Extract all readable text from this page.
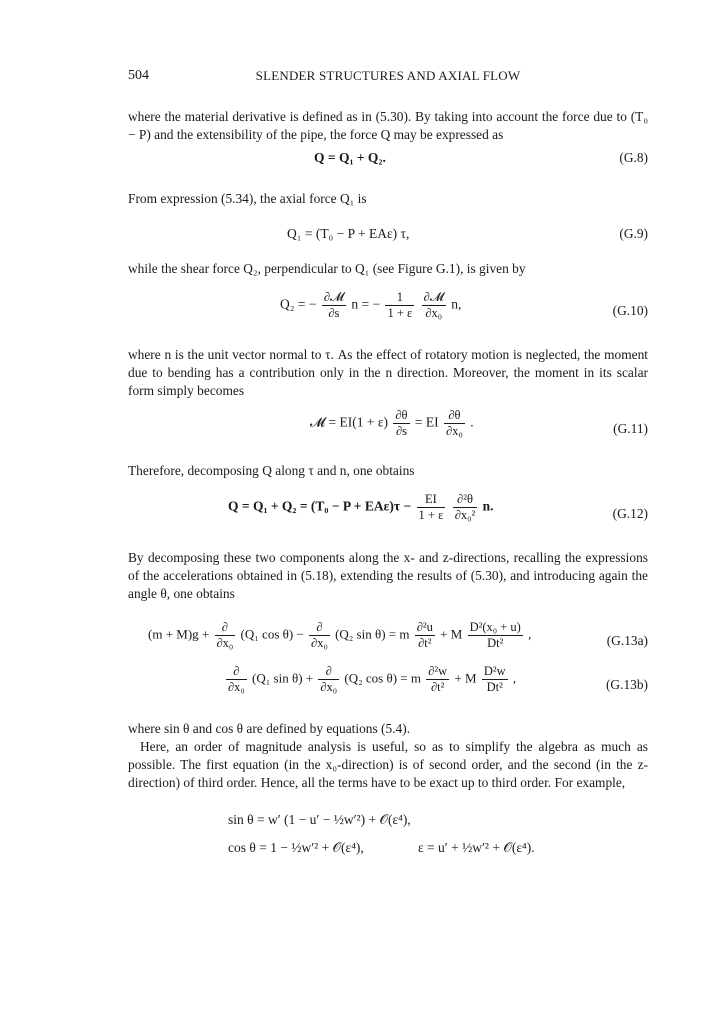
504	SLENDER STRUCTURES AND AXIAL FLOW

where the material derivative is defined as in (5.30). By taking into account the force due to (T₀ − P) and the extensibility of the pipe, the force Q may be expressed as

Q = Q₁ + Q₂.	(G.8)

From expression (5.34), the axial force Q₁ is

Q₁ = (T₀ − P + EAε) τ,	(G.9)

while the shear force Q₂, perpendicular to Q₁ (see Figure G.1), is given by

Q₂ = − $\frac{\text{∂𝓜}}{\partial s}$ n = − $\frac{1}{1 + \varepsilon}$
$\frac{\text{∂𝓜}}{\text{∂x₀}} n$,	(G.10)

where n is the unit vector normal to τ. As the effect of rotatory motion is neglected, the moment due to bending has a contribution only in the n direction. Moreover, the moment in its scalar form simply becomes

𝓜 = $EI(1 + \varepsilon) \frac{\partial\theta}{\partial s}$ = EI $\frac{\partial\theta}{\text{∂x₀}}$ .	(G.11)

Therefore, decomposing Q along τ and n, one obtains

$Q = Q_1 + Q_2 = (T_0 - P + EA\varepsilon)\tau - \frac{EI}{1 + \varepsilon}$
$\frac{\text{∂²θ}}{\text{∂x₀²}} n$.	(G.12)

By decomposing these two components along the x- and z-directions, recalling the expressions of the accelerations obtained in (5.18), extending the results of (5.30), and introducing again the angle θ, one obtains

$(m + M)g + \frac{\partial}{\text{∂x₀}} (Q_1$ $\cos \theta) - \frac{\partial}{\text{∂x₀}} (Q_2$ sin θ) = m $\frac{\text{∂²u}}{\text{∂t²}} + M \frac{\text{D²(x₀ + u)}}{\text{Dt²}}$ ,	(G.13a)
$\frac{\partial}{\text{∂x₀}} (Q_1$ $\sin \theta) + \frac{\partial}{\text{∂x₀}} (Q_2$ cos θ) = m $\frac{\text{∂²w}}{\text{∂t²}} + M \frac{\text{D²w}}{\text{Dt²}}$ ,	(G.13b)

where sin θ and cos θ are defined by equations (5.4).

Here, an order of magnitude analysis is useful, so as to simplify the algebra as much as possible. The first equation (in the x₀-direction) is of second order, and the second (in the z-direction) of third order. Hence, all the terms have to be exact up to third order. For example,

sin θ = w′ (1 − u′ − ½w′²) + 𝒪(ε⁴),
cos θ = 1 − ½w′² + 𝒪(ε⁴),	ε = u′ + ½w′² + 𝒪(ε⁴).
